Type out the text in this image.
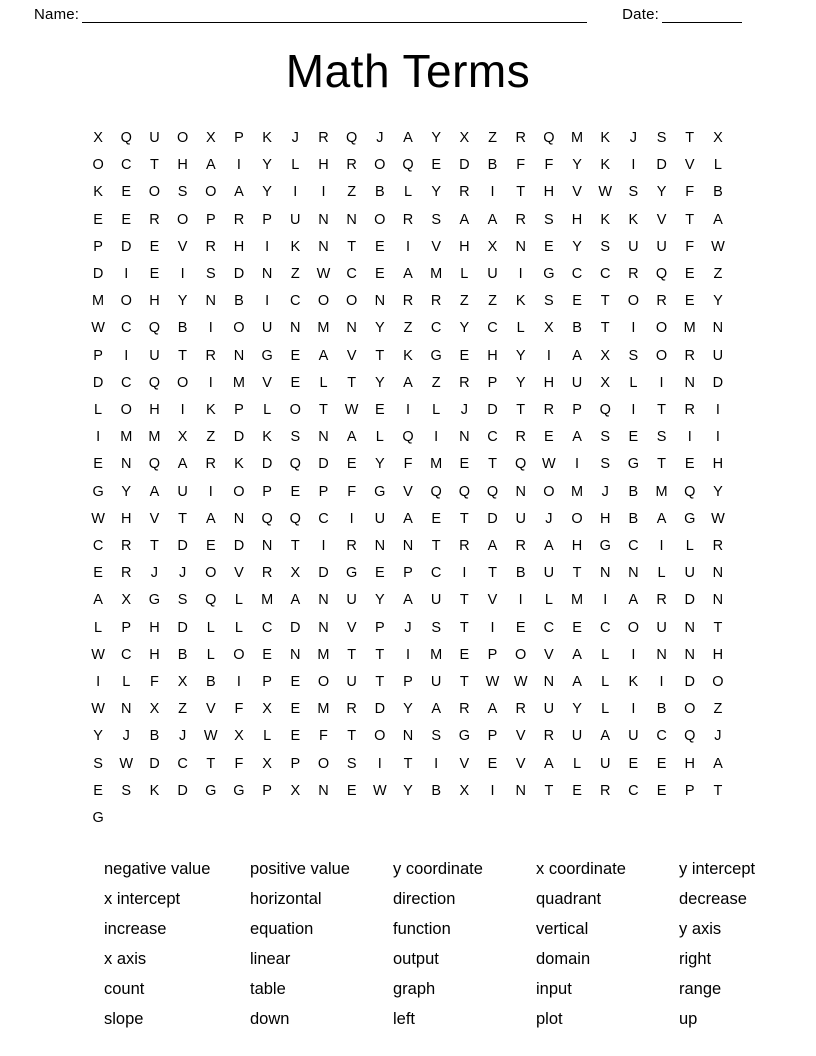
Name:	Date:
Math Terms
X	Q	U	O	X	P	K	J	R	Q	J	A	Y	X	Z	R	Q	M	K	J	S	T	X
O	C	T	H	A	I	Y	L	H	R	O	Q	E	D	B	F	F	Y	K	I	D	V	L
K	E	O	S	O	A	Y	I	I	Z	B	L	Y	R	I	T	H	V	W	S	Y	F	B
E	E	R	O	P	R	P	U	N	N	O	R	S	A	A	R	S	H	K	K	V	T	A
P	D	E	V	R	H	I	K	N	T	E	I	V	H	X	N	E	Y	S	U	U	F	W
D	I	E	I	S	D	N	Z	W	C	E	A	M	L	U	I	G	C	C	R	Q	E	Z
M	O	H	Y	N	B	I	C	O	O	N	R	R	Z	Z	K	S	E	T	O	R	E	Y
W	C	Q	B	I	O	U	N	M	N	Y	Z	C	Y	C	L	X	B	T	I	O	M	N
P	I	U	T	R	N	G	E	A	V	T	K	G	E	H	Y	I	A	X	S	O	R	U
D	C	Q	O	I	M	V	E	L	T	Y	A	Z	R	P	Y	H	U	X	L	I	N	D
L	O	H	I	K	P	L	O	T	W	E	I	L	J	D	T	R	P	Q	I	T	R	I
I	M	M	X	Z	D	K	S	N	A	L	Q	I	N	C	R	E	A	S	E	S	I	I
E	N	Q	A	R	K	D	Q	D	E	Y	F	M	E	T	Q	W	I	S	G	T	E	H
G	Y	A	U	I	O	P	E	P	F	G	V	Q	Q	Q	N	O	M	J	B	M	Q	Y
W	H	V	T	A	N	Q	Q	C	I	U	A	E	T	D	U	J	O	H	B	A	G	W
C	R	T	D	E	D	N	T	I	R	N	N	T	R	A	R	A	H	G	C	I	L	R
E	R	J	J	O	V	R	X	D	G	E	P	C	I	T	B	U	T	N	N	L	U	N
A	X	G	S	Q	L	M	A	N	U	Y	A	U	T	V	I	L	M	I	A	R	D	N
L	P	H	D	L	L	C	D	N	V	P	J	S	T	I	E	C	E	C	O	U	N	T
W	C	H	B	L	O	E	N	M	T	T	I	M	E	P	O	V	A	L	I	N	N	H
I	L	F	X	B	I	P	E	O	U	T	P	U	T	W	W	N	A	L	K	I	D	O
W	N	X	Z	V	F	X	E	M	R	D	Y	A	R	A	R	U	Y	L	I	B	O	Z
Y	J	B	J	W	X	L	E	F	T	O	N	S	G	P	V	R	U	A	U	C	Q	J
S	W	D	C	T	F	X	P	O	S	I	T	I	V	E	V	A	L	U	E	E	H	A
E	S	K	D	G	G	P	X	N	E	W	Y	B	X	I	N	T	E	R	C	E	P	T
G
negative value	positive value	y coordinate	x coordinate	y intercept
x intercept	horizontal	direction	quadrant	decrease
increase	equation	function	vertical	y axis
x axis	linear	output	domain	right
count	table	graph	input	range
slope	down	left	plot	up
